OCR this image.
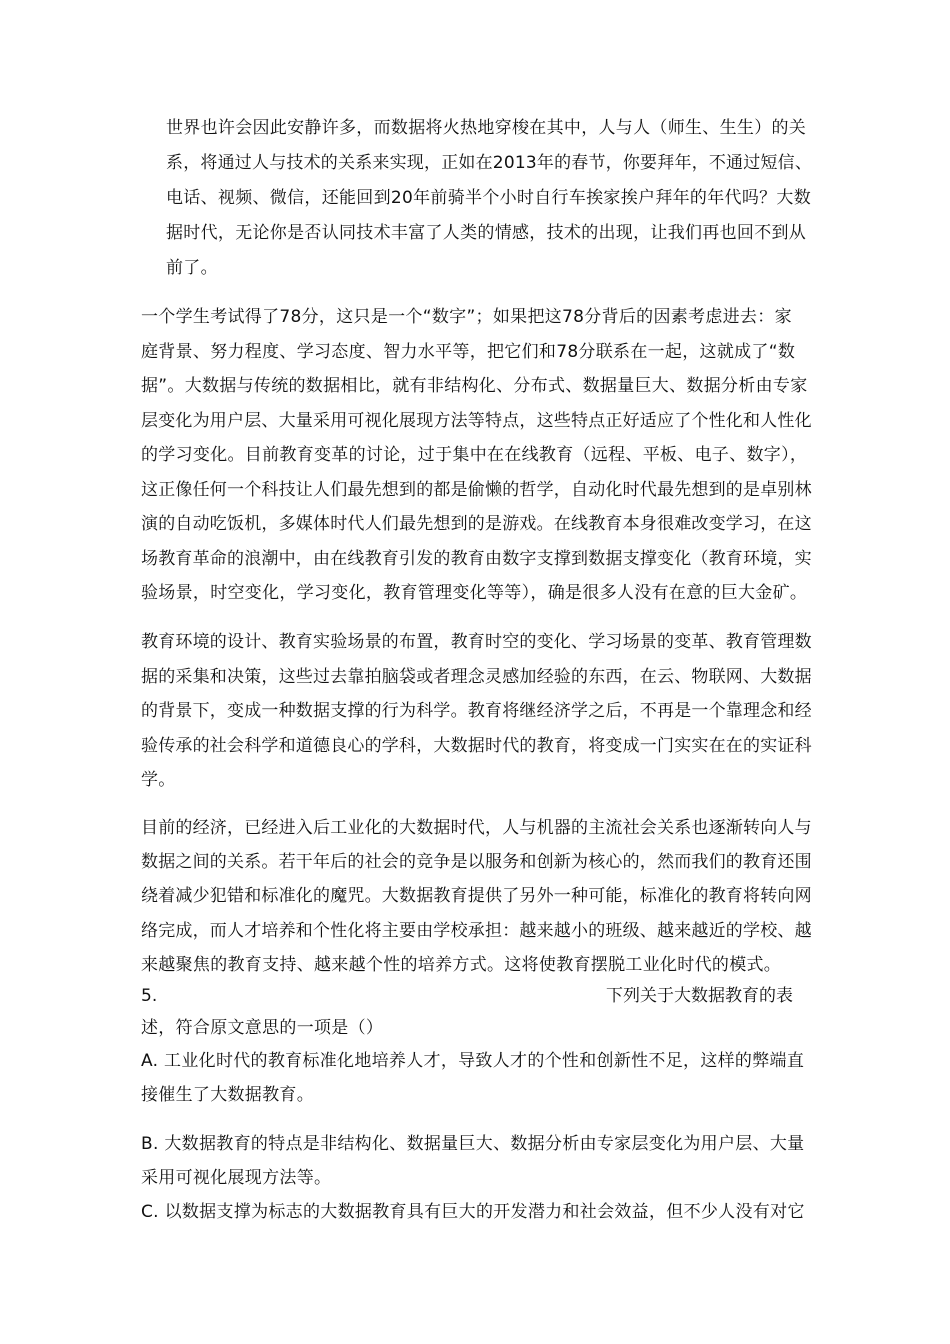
世界也许会因此安静许多，而数据将火热地穿梭在其中，人与人（师生、生生）的关
系，将通过人与技术的关系来实现，正如在2013年的春节，你要拜年，不通过短信、
电话、视频、微信，还能回到20年前骑半个小时自行车挨家挨户拜年的年代吗？大数
据时代，无论你是否认同技术丰富了人类的情感，技术的出现，让我们再也回不到从
前了。
一个学生考试得了78分，这只是一个“数字”；如果把这78分背后的因素考虑进去：家
庭背景、努力程度、学习态度、智力水平等，把它们和78分联系在一起，这就成了“数
据”。大数据与传统的数据相比，就有非结构化、分布式、数据量巨大、数据分析由专家
层变化为用户层、大量采用可视化展现方法等特点，这些特点正好适应了个性化和人性化
的学习变化。目前教育变革的讨论，过于集中在在线教育（远程、平板、电子、数字），
这正像任何一个科技让人们最先想到的都是偷懒的哲学，自动化时代最先想到的是卓别林
演的自动吃饭机，多媒体时代人们最先想到的是游戏。在线教育本身很难改变学习，在这
场教育革命的浪潮中，由在线教育引发的教育由数字支撑到数据支撑变化（教育环境，实
验场景，时空变化，学习变化，教育管理变化等等），确是很多人没有在意的巨大金矿。
教育环境的设计、教育实验场景的布置，教育时空的变化、学习场景的变革、教育管理数
据的采集和决策，这些过去靠拍脑袋或者理念灵感加经验的东西，在云、物联网、大数据
的背景下，变成一种数据支撑的行为科学。教育将继经济学之后，不再是一个靠理念和经
验传承的社会科学和道德良心的学科，大数据时代的教育，将变成一门实实在在的实证科
学。
目前的经济，已经进入后工业化的大数据时代，人与机器的主流社会关系也逐渐转向人与
数据之间的关系。若干年后的社会的竞争是以服务和创新为核心的，然而我们的教育还围
绕着减少犯错和标准化的魔咒。大数据教育提供了另外一种可能，标准化的教育将转向网
络完成，而人才培养和个性化将主要由学校承担：越来越小的班级、越来越近的学校、越
来越聚焦的教育支持、越来越个性的培养方式。这将使教育摆脱工业化时代的模式。
5.	下列关于大数据教育的表
述，符合原文意思的一项是（）
A. 工业化时代的教育标准化地培养人才，导致人才的个性和创新性不足，这样的弊端直
接催生了大数据教育。
B. 大数据教育的特点是非结构化、数据量巨大、数据分析由专家层变化为用户层、大量
采用可视化展现方法等。
C. 以数据支撑为标志的大数据教育具有巨大的开发潜力和社会效益，但不少人没有对它
